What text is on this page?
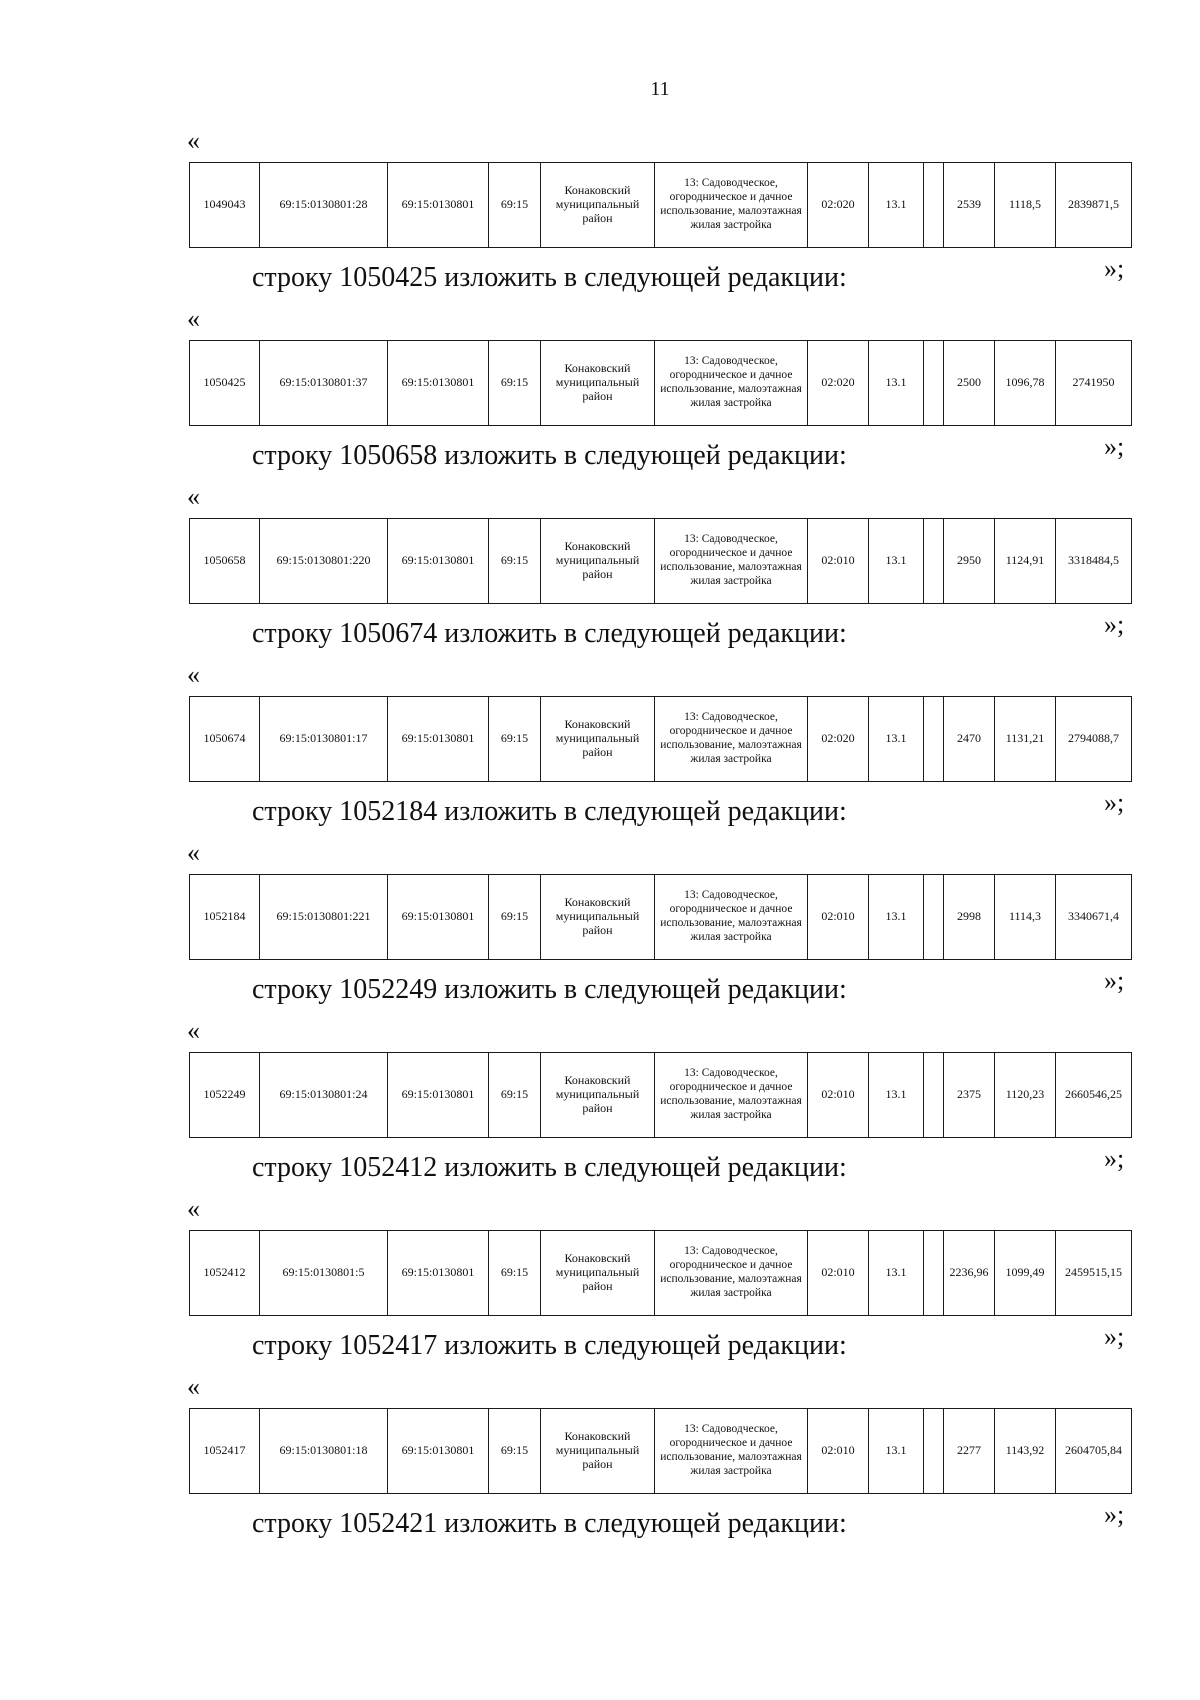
11
«
1049043	69:15:0130801:28	69:15:0130801	69:15	Конаковский муниципальный район	13: Садоводческое, огородническое и дачное использование, малоэтажная жилая застройка	02:020	13.1		2539	1118,5	2839871,5
»;
строку 1050425 изложить в следующей редакции:
«
1050425	69:15:0130801:37	69:15:0130801	69:15	Конаковский муниципальный район	13: Садоводческое, огородническое и дачное использование, малоэтажная жилая застройка	02:020	13.1		2500	1096,78	2741950
»;
строку 1050658 изложить в следующей редакции:
«
1050658	69:15:0130801:220	69:15:0130801	69:15	Конаковский муниципальный район	13: Садоводческое, огородническое и дачное использование, малоэтажная жилая застройка	02:010	13.1		2950	1124,91	3318484,5
»;
строку 1050674 изложить в следующей редакции:
«
1050674	69:15:0130801:17	69:15:0130801	69:15	Конаковский муниципальный район	13: Садоводческое, огородническое и дачное использование, малоэтажная жилая застройка	02:020	13.1		2470	1131,21	2794088,7
»;
строку 1052184 изложить в следующей редакции:
«
1052184	69:15:0130801:221	69:15:0130801	69:15	Конаковский муниципальный район	13: Садоводческое, огородническое и дачное использование, малоэтажная жилая застройка	02:010	13.1		2998	1114,3	3340671,4
»;
строку 1052249 изложить в следующей редакции:
«
1052249	69:15:0130801:24	69:15:0130801	69:15	Конаковский муниципальный район	13: Садоводческое, огородническое и дачное использование, малоэтажная жилая застройка	02:010	13.1		2375	1120,23	2660546,25
»;
строку 1052412 изложить в следующей редакции:
«
1052412	69:15:0130801:5	69:15:0130801	69:15	Конаковский муниципальный район	13: Садоводческое, огородническое и дачное использование, малоэтажная жилая застройка	02:010	13.1		2236,96	1099,49	2459515,15
»;
строку 1052417 изложить в следующей редакции:
«
1052417	69:15:0130801:18	69:15:0130801	69:15	Конаковский муниципальный район	13: Садоводческое, огородническое и дачное использование, малоэтажная жилая застройка	02:010	13.1		2277	1143,92	2604705,84
»;
строку 1052421 изложить в следующей редакции:
